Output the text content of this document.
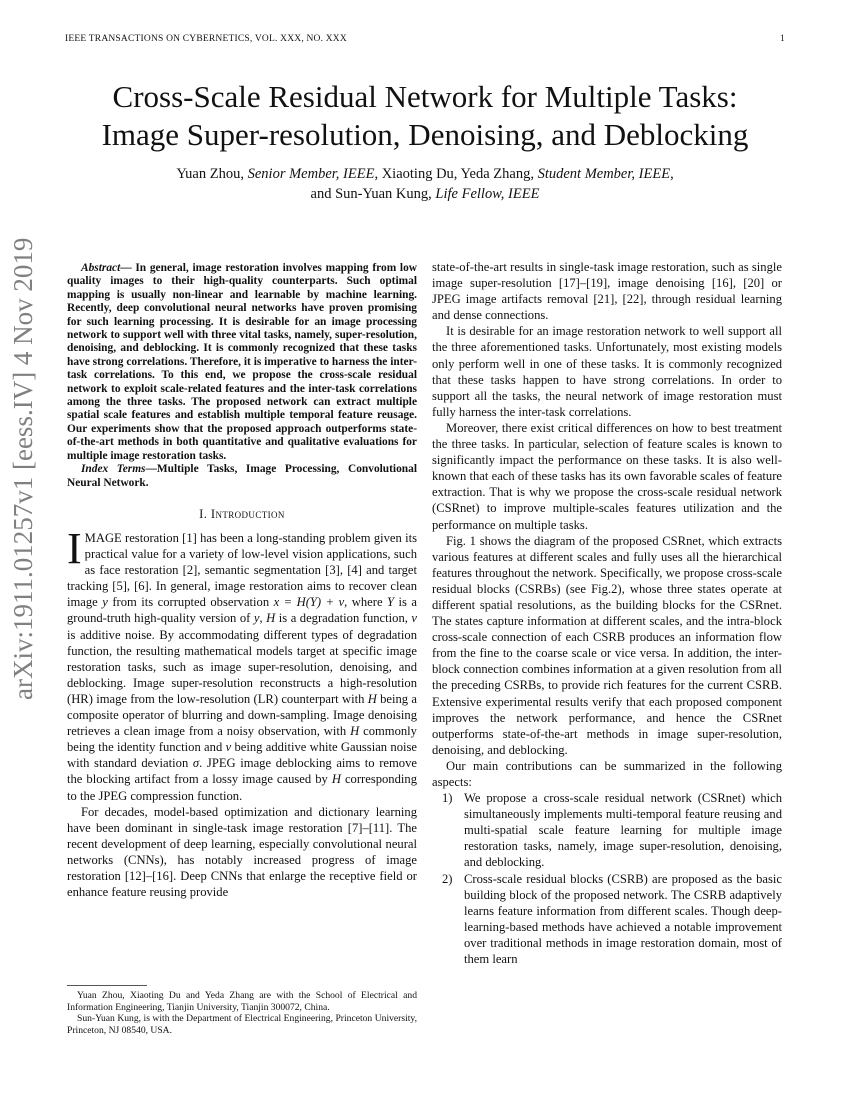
IEEE TRANSACTIONS ON CYBERNETICS, VOL. XXX, NO. XXX	1
Cross-Scale Residual Network for Multiple Tasks:
Image Super-resolution, Denoising, and Deblocking
Yuan Zhou, Senior Member, IEEE, Xiaoting Du, Yeda Zhang, Student Member, IEEE,
and Sun-Yuan Kung, Life Fellow, IEEE
arXiv:1911.01257v1 [eess.IV] 4 Nov 2019	Abstract— In general, image restoration involves mapping from low quality images to their high-quality counterparts. Such optimal mapping is usually non-linear and learnable by machine learning. Recently, deep convolutional neural networks have proven promising for such learning processing. It is desirable for an image processing network to support well with three vital tasks, namely, super-resolution, denoising, and deblocking. It is commonly recognized that these tasks have strong correlations. Therefore, it is imperative to harness the inter-task correlations. To this end, we propose the cross-scale residual network to exploit scale-related features and the inter-task correlations among the three tasks. The proposed network can extract multiple spatial scale features and establish multiple temporal feature reusage. Our experiments show that the proposed approach outperforms state-of-the-art methods in both quantitative and qualitative evaluations for multiple image restoration tasks.

Index Terms—Multiple Tasks, Image Processing, Convolutional Neural Network.

I. Introduction

IMAGE restoration [1] has been a long-standing problem given its practical value for a variety of low-level vision applications, such as face restoration [2], semantic segmentation [3], [4] and target tracking [5], [6]. In general, image restoration aims to recover clean image y from its corrupted observation x = H(Y) + v, where Y is a ground-truth high-quality version of y, H is a degradation function, v is additive noise. By accommodating different types of degradation function, the resulting mathematical models target at specific image restoration tasks, such as image super-resolution, denoising, and deblocking. Image super-resolution reconstructs a high-resolution (HR) image from the low-resolution (LR) counterpart with H being a composite operator of blurring and down-sampling. Image denoising retrieves a clean image from a noisy observation, with H commonly being the identity function and v being additive white Gaussian noise with standard deviation σ. JPEG image deblocking aims to remove the blocking artifact from a lossy image caused by H corresponding to the JPEG compression function.

For decades, model-based optimization and dictionary learning have been dominant in single-task image restoration [7]–[11]. The recent development of deep learning, especially convolutional neural networks (CNNs), has notably increased progress of image restoration [12]–[16]. Deep CNNs that enlarge the receptive field or enhance feature reusing provide

state-of-the-art results in single-task image restoration, such as single image super-resolution [17]–[19], image denoising [16], [20] or JPEG image artifacts removal [21], [22], through residual learning and dense connections.

It is desirable for an image restoration network to well support all the three aforementioned tasks. Unfortunately, most existing models only perform well in one of these tasks. It is commonly recognized that these tasks happen to have strong correlations. In order to support all the tasks, the neural network of image restoration must fully harness the inter-task correlations.

Moreover, there exist critical differences on how to best treatment the three tasks. In particular, selection of feature scales is known to significantly impact the performance on these tasks. It is also well-known that each of these tasks has its own favorable scales of feature extraction. That is why we propose the cross-scale residual network (CSRnet) to improve multiple-scales features utilization and the performance on multiple tasks.

Fig. 1 shows the diagram of the proposed CSRnet, which extracts various features at different scales and fully uses all the hierarchical features throughout the network. Specifically, we propose cross-scale residual blocks (CSRBs) (see Fig.2), whose three states operate at different spatial resolutions, as the building blocks for the CSRnet. The states capture information at different scales, and the intra-block cross-scale connection of each CSRB produces an information flow from the fine to the coarse scale or vice versa. In addition, the inter-block connection combines information at a given resolution from all the preceding CSRBs, to provide rich features for the current CSRB. Extensive experimental results verify that each proposed component improves the network performance, and hence the CSRnet outperforms state-of-the-art methods in image super-resolution, denoising, and deblocking.

Our main contributions can be summarized in the following aspects:

1) We propose a cross-scale residual network (CSRnet) which simultaneously implements multi-temporal feature reusing and multi-spatial scale feature learning for multiple image restoration tasks, namely, image super-resolution, denoising, and deblocking.
2) Cross-scale residual blocks (CSRB) are proposed as the basic building block of the proposed network. The CSRB adaptively learns feature information from different scales. Though deep-learning-based methods have achieved a notable improvement over traditional methods in image restoration domain, most of them learn

Yuan Zhou, Xiaoting Du and Yeda Zhang are with the School of Electrical and Information Engineering, Tianjin University, Tianjin 300072, China.

Sun-Yuan Kung, is with the Department of Electrical Engineering, Princeton University, Princeton, NJ 08540, USA.
